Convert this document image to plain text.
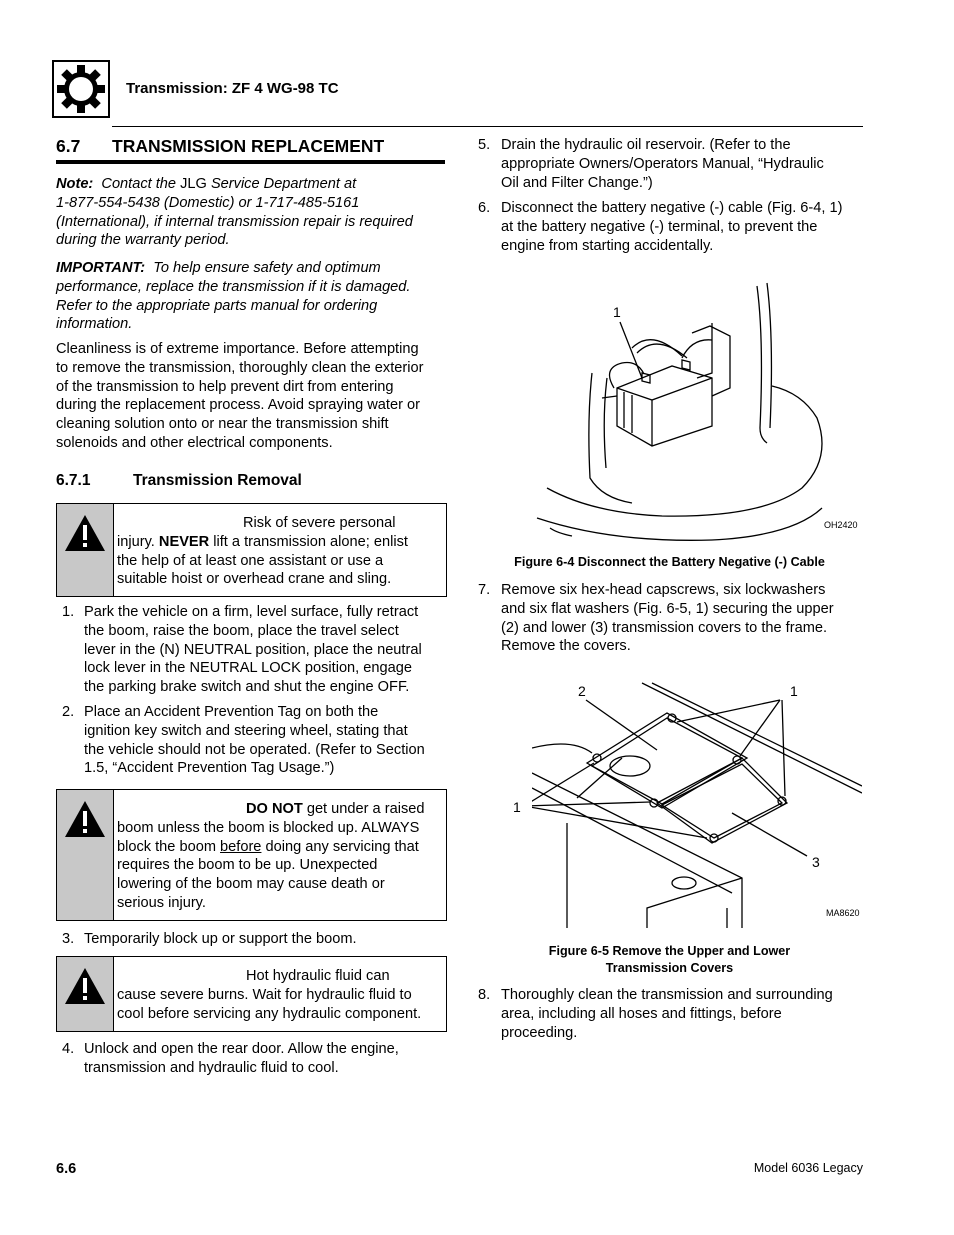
Transmission: ZF 4 WG-98 TC
6.7 TRANSMISSION REPLACEMENT
Note: Contact the JLG Service Department at
1-877-554-5438 (Domestic) or 1-717-485-5161
(International), if internal transmission repair is required
during the warranty period.
IMPORTANT: To help ensure safety and optimum
performance, replace the transmission if it is damaged.
Refer to the appropriate parts manual for ordering
information.
Cleanliness is of extreme importance. Before attempting
to remove the transmission, thoroughly clean the exterior
of the transmission to help prevent dirt from entering
during the replacement process. Avoid spraying water or
cleaning solution onto or near the transmission shift
solenoids and other electrical components.
6.7.1	Transmission Removal
Risk of severe personal
injury. NEVER lift a transmission alone; enlist
the help of at least one assistant or use a
suitable hoist or overhead crane and sling.
1. Park the vehicle on a firm, level surface, fully retract
the boom, raise the boom, place the travel select
lever in the (N) NEUTRAL position, place the neutral
lock lever in the NEUTRAL LOCK position, engage
the parking brake switch and shut the engine OFF.
2. Place an Accident Prevention Tag on both the
ignition key switch and steering wheel, stating that
the vehicle should not be operated. (Refer to Section
1.5, “Accident Prevention Tag Usage.”)
DO NOT get under a raised
boom unless the boom is blocked up. ALWAYS
block the boom before doing any servicing that
requires the boom to be up. Unexpected
lowering of the boom may cause death or
serious injury.
3. Temporarily block up or support the boom.
Hot hydraulic fluid can
cause severe burns. Wait for hydraulic fluid to
cool before servicing any hydraulic component.
4. Unlock and open the rear door. Allow the engine,
transmission and hydraulic fluid to cool.
5. Drain the hydraulic oil reservoir. (Refer to the
appropriate Owners/Operators Manual, “Hydraulic
Oil and Filter Change.”)
6. Disconnect the battery negative (-) cable (Fig. 6-4, 1)
at the battery negative (-) terminal, to prevent the
engine from starting accidentally.
1
OH2420
Figure 6-4 Disconnect the Battery Negative (-) Cable
7. Remove six hex-head capscrews, six lockwashers
and six flat washers (Fig. 6-5, 1) securing the upper
(2) and lower (3) transmission covers to the frame.
Remove the covers.
2	1
1
3
MA8620
Figure 6-5 Remove the Upper and Lower
Transmission Covers
8. Thoroughly clean the transmission and surrounding
area, including all hoses and fittings, before
proceeding.
6.6	Model 6036 Legacy
